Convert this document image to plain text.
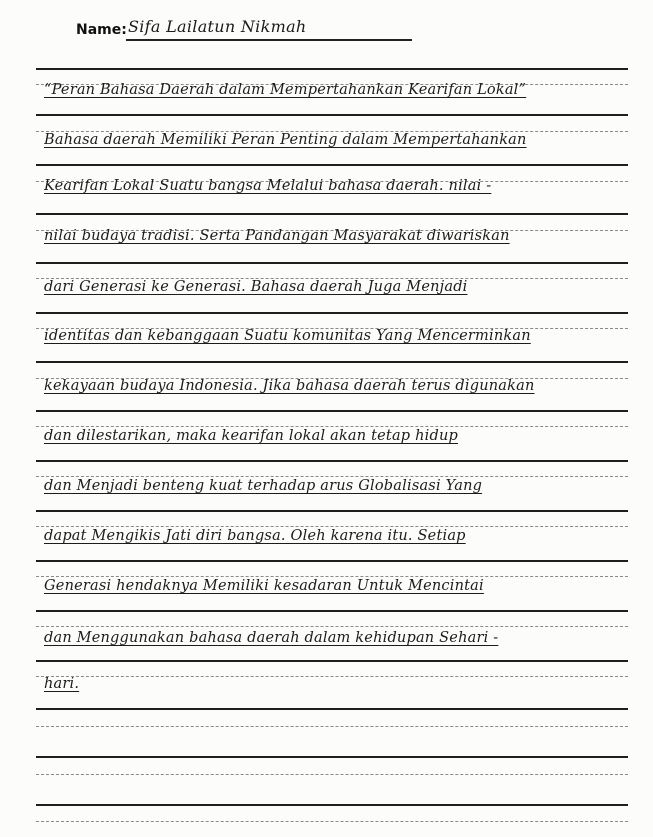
Name: Sifa Lailatun Nikmah
“Peran Bahasa Daerah dalam Mempertahankan Kearifan Lokal”
Bahasa daerah Memiliki Peran Penting dalam Mempertahankan
Kearifan Lokal Suatu bangsa Melalui bahasa daerah. nilai -
nilai budaya tradisi. Serta Pandangan Masyarakat diwariskan
dari Generasi ke Generasi. Bahasa daerah Juga Menjadi
identitas dan kebanggaan Suatu komunitas Yang Mencerminkan
kekayaan budaya Indonesia. Jika bahasa daerah terus digunakan
dan dilestarikan, maka kearifan lokal akan tetap hidup
dan Menjadi benteng kuat terhadap arus Globalisasi Yang
dapat Mengikis Jati diri bangsa. Oleh karena itu. Setiap
Generasi hendaknya Memiliki kesadaran Untuk Mencintai
dan Menggunakan bahasa daerah dalam kehidupan Sehari -
hari.
